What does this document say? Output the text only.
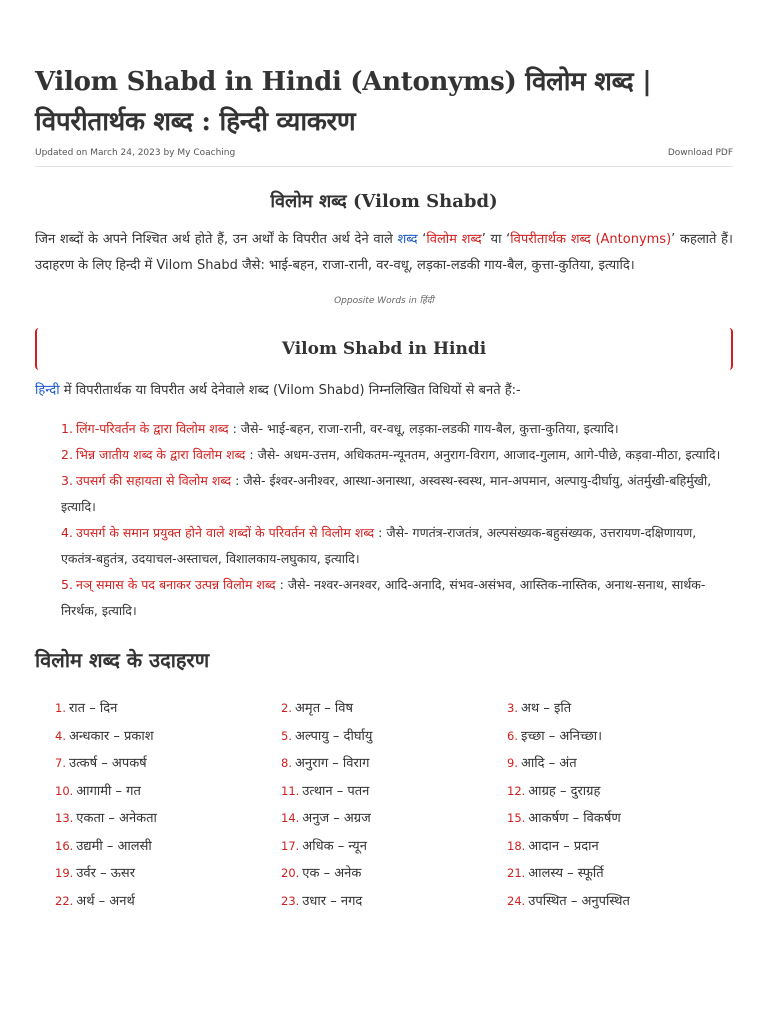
Vilom Shabd in Hindi (Antonyms) विलोम शब्द | विपरीतार्थक शब्द : हिन्दी व्याकरण
Updated on March 24, 2023 by My Coaching	Download PDF
विलोम शब्द (Vilom Shabd)

जिन शब्दों के अपने निश्चित अर्थ होते हैं, उन अर्थों के विपरीत अर्थ देने वाले शब्द ‘विलोम शब्द’ या ‘विपरीतार्थक शब्द (Antonyms)’ कहलाते हैं। उदाहरण के लिए हिन्दी में Vilom Shabd जैसे: भाई-बहन, राजा-रानी, वर-वधू, लड़का-लडकी गाय-बैल, कुत्ता-कुतिया, इत्यादि।

Opposite Words in हिंदी
Vilom Shabd in Hindi

हिन्दी में विपरीतार्थक या विपरीत अर्थ देनेवाले शब्द (Vilom Shabd) निम्नलिखित विधियों से बनते हैं:-

1. लिंग-परिवर्तन के द्वारा विलोम शब्द : जैसे- भाई-बहन, राजा-रानी, वर-वधू, लड़का-लडकी गाय-बैल, कुत्ता-कुतिया, इत्यादि।
2. भिन्न जातीय शब्द के द्वारा विलोम शब्द : जैसे- अधम-उत्तम, अधिकतम-न्यूनतम, अनुराग-विराग, आजाद-गुलाम, आगे-पीछे, कड़वा-मीठा, इत्यादि।
3. उपसर्ग की सहायता से विलोम शब्द : जैसे- ईश्वर-अनीश्वर, आस्था-अनास्था, अस्वस्थ-स्वस्थ, मान-अपमान, अल्पायु-दीर्घायु, अंतर्मुखी-बहिर्मुखी, इत्यादि।
4. उपसर्ग के समान प्रयुक्त होने वाले शब्दों के परिवर्तन से विलोम शब्द : जैसे- गणतंत्र-राजतंत्र, अल्पसंख्यक-बहुसंख्यक, उत्तरायण-दक्षिणायण, एकतंत्र-बहुतंत्र, उदयाचल-अस्ताचल, विशालकाय-लघुकाय, इत्यादि।
5. नञ् समास के पद बनाकर उत्पन्न विलोम शब्द : जैसे- नश्वर-अनश्वर, आदि-अनादि, संभव-असंभव, आस्तिक-नास्तिक, अनाथ-सनाथ, सार्थक-निरर्थक, इत्यादि।
विलोम शब्द के उदाहरण
1. रात – दिन	2. अमृत – विष	3. अथ – इति
4. अन्धकार – प्रकाश	5. अल्पायु – दीर्घायु	6. इच्छा – अनिच्छा।
7. उत्कर्ष – अपकर्ष	8. अनुराग – विराग	9. आदि – अंत
10. आगामी – गत	11. उत्थान – पतन	12. आग्रह – दुराग्रह
13. एकता – अनेकता	14. अनुज – अग्रज	15. आकर्षण – विकर्षण
16. उद्यमी – आलसी	17. अधिक – न्यून	18. आदान – प्रदान
19. उर्वर – ऊसर	20. एक – अनेक	21. आलस्य – स्फूर्ति
22. अर्थ – अनर्थ	23. उधार – नगद	24. उपस्थित – अनुपस्थित
